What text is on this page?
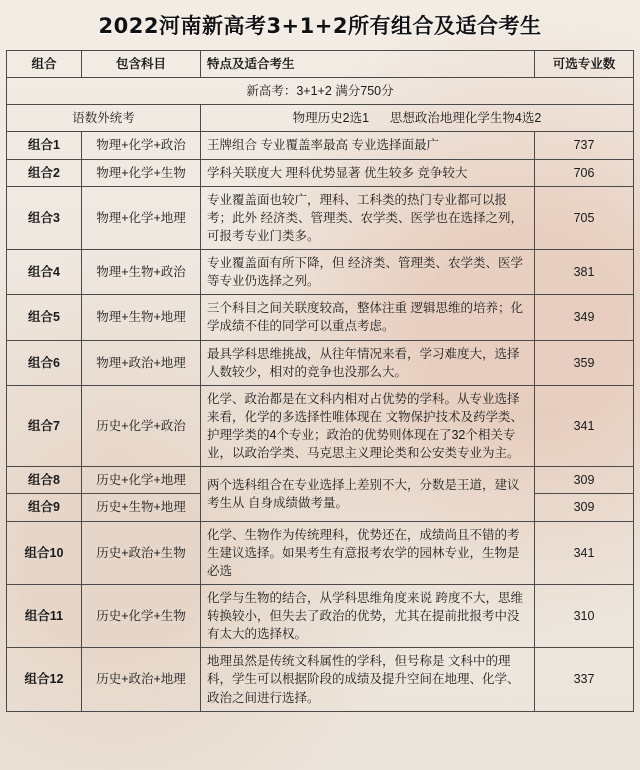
2022河南新高考3+1+2所有组合及适合考生
新高考：3+1+2 满分750分			
语数外统考		物理历史2选1 思想政治地理化学生物4选2	
组合	包含科目	特点及适合考生	可选专业数
组合1	物理+化学+政治	王牌组合 专业覆盖率最高 专业选择面最广	737
组合2	物理+化学+生物	学科关联度大 理科优势显著 优生较多 竞争较大	706
组合3	物理+化学+地理	专业覆盖面也较广，理科、工科类的热门专业都可以报考；此外 经济类、管理类、农学类、医学也在选择之列，可报考专业门类多。	705
组合4	物理+生物+政治	专业覆盖面有所下降，但 经济类、管理类、农学类、医学等专业仍选择之列。	381
组合5	物理+生物+地理	三个科目之间关联度较高，整体注重 逻辑思维的培养；化学成绩不佳的同学可以重点考虑。	349
组合6	物理+政治+地理	最具学科思维挑战，从往年情况来看，学习难度大，选择人数较少，相对的竞争也没那么大。	359
组合7	历史+化学+政治	化学、政治都是在文科内相对占优势的学科。从专业选择来看，化学的多选择性唯体现在 文物保护技术及药学类、护理学类的4个专业；政治的优势则体现在了32个相关专业，以政治学类、马克思主义理论类和公安类专业为主。	341
组合8	历史+化学+地理	两个选科组合在专业选择上差别不大，分数是王道，建议考生从 自身成绩做考量。	309
组合9	历史+生物+地理		309
组合10	历史+政治+生物	化学、生物作为传统理科，优势还在，成绩尚且不错的考生建议选择。如果考生有意报考农学的园林专业，生物是必选	341
组合11	历史+化学+生物	化学与生物的结合，从学科思维角度来说 跨度不大，思维转换较小，但失去了政治的优势，尤其在提前批报考中没有太大的选择权。	310
组合12	历史+政治+地理	地理虽然是传统文科属性的学科，但号称是 文科中的理科，学生可以根据阶段的成绩及提升空间在地理、化学、政治之间进行选择。	337
